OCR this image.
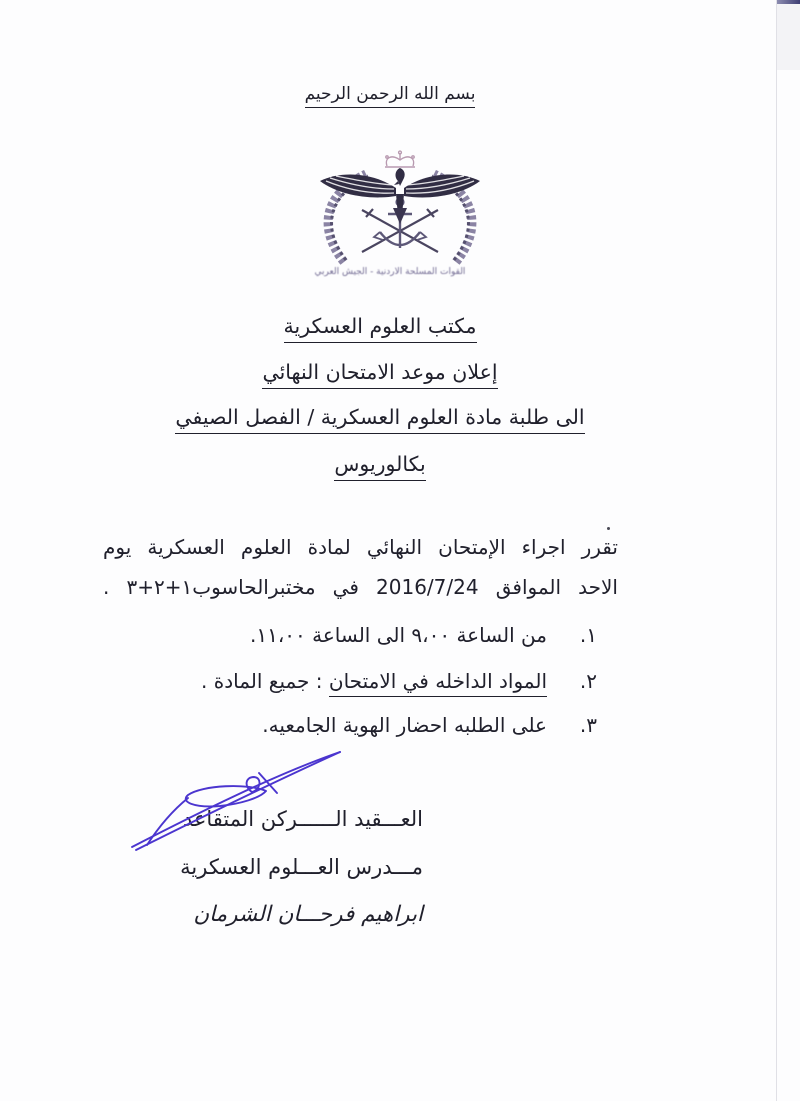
بسم الله الرحمن الرحيم
القوات المسلحة الاردنية - الجيش العربي
مكتب العلوم العسكرية
إعلان موعد الامتحان النهائي
الى طلبة مادة العلوم العسكرية / الفصل الصيفي
بكالوريوس
تقرر اجراء الإمتحان النهائي لمادة العلوم العسكرية يوم
الاحد الموافق 2016/7/24 في مختبرالحاسوب١+٢+٣ .
١.
من الساعة ٩،٠٠ الى الساعة ١١،٠٠.
٢.
المواد الداخله في الامتحان : جميع المادة .
٣.
على الطلبه احضار الهوية الجامعيه.
العـــقيد الــــــركن المتقاعد
مـــدرس العـــلوم العسكرية
ابراهيم فرحـــان الشرمان
